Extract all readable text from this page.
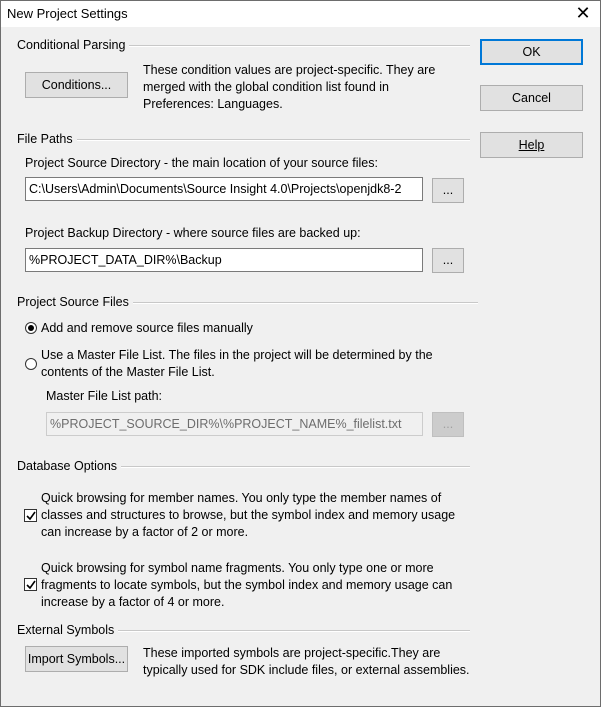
New Project Settings	✕
OK
Cancel
Help
Conditional Parsing
Conditions...
These condition values are project-specific. They are
merged with the global condition list found in
Preferences: Languages.
File Paths
Project Source Directory - the main location of your source files:
C:\Users\Admin\Documents\Source Insight 4.0\Projects\openjdk8-2	...
Project Backup Directory - where source files are backed up:
%PROJECT_DATA_DIR%\Backup	...
Project Source Files
Add and remove source files manually
Use a Master File List. The files in the project will be determined by the
contents of the Master File List.
Master File List path:
%PROJECT_SOURCE_DIR%\%PROJECT_NAME%_filelist.txt	...
Database Options
Quick browsing for member names. You only type the member names of
classes and structures to browse, but the symbol index and memory usage
can increase by a factor of 2 or more.
Quick browsing for symbol name fragments. You only type one or more
fragments to locate symbols, but the symbol index and memory usage can
increase by a factor of 4 or more.
External Symbols
Import Symbols... These imported symbols are project-specific.They are
typically used for SDK include files, or external assemblies.
